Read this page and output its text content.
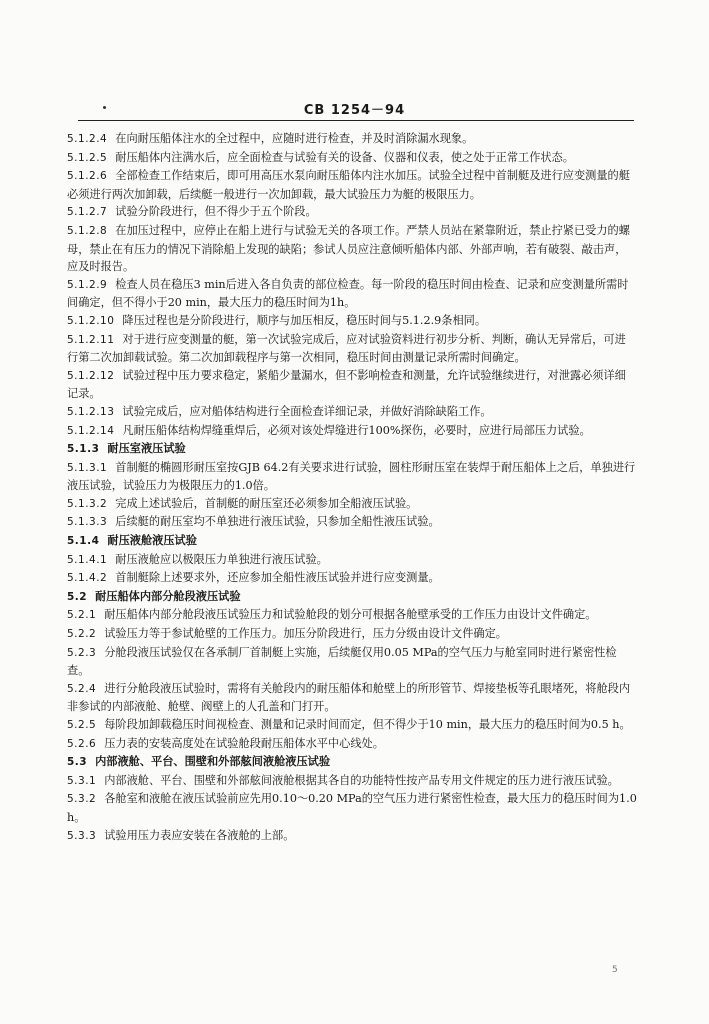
CB 1254－94
5.1.2.4 在向耐压船体注水的全过程中，应随时进行检查，并及时消除漏水现象。
5.1.2.5 耐压船体内注满水后，应全面检查与试验有关的设备、仪器和仪表，使之处于正常工作状态。
5.1.2.6 全部检查工作结束后，即可用高压水泵向耐压船体内注水加压。试验全过程中首制艇及进行应变测量的艇必须进行两次加卸载，后续艇一般进行一次加卸载，最大试验压力为艇的极限压力。
5.1.2.7 试验分阶段进行，但不得少于五个阶段。
5.1.2.8 在加压过程中，应停止在船上进行与试验无关的各项工作。严禁人员站在紧靠附近，禁止拧紧已受力的螺母，禁止在有压力的情况下消除船上发现的缺陷；参试人员应注意倾听船体内部、外部声响，若有破裂、敲击声，应及时报告。
5.1.2.9 检查人员在稳压3 min后进入各自负责的部位检查。每一阶段的稳压时间由检查、记录和应变测量所需时间确定，但不得小于20 min，最大压力的稳压时间为1h。
5.1.2.10 降压过程也是分阶段进行，顺序与加压相反，稳压时间与5.1.2.9条相同。
5.1.2.11 对于进行应变测量的艇，第一次试验完成后，应对试验资料进行初步分析、判断，确认无异常后，可进行第二次加卸载试验。第二次加卸载程序与第一次相同，稳压时间由测量记录所需时间确定。
5.1.2.12 试验过程中压力要求稳定，紧船少量漏水，但不影响检查和测量，允许试验继续进行，对泄露必须详细记录。
5.1.2.13 试验完成后，应对船体结构进行全面检查详细记录，并做好消除缺陷工作。
5.1.2.14 凡耐压船体结构焊缝重焊后，必须对该处焊缝进行100%探伤，必要时，应进行局部压力试验。
5.1.3 耐压室液压试验
5.1.3.1 首制艇的椭圆形耐压室按GJB 64.2有关要求进行试验，圆柱形耐压室在装焊于耐压船体上之后，单独进行液压试验，试验压力为极限压力的1.0倍。
5.1.3.2 完成上述试验后，首制艇的耐压室还必须参加全船液压试验。
5.1.3.3 后续艇的耐压室均不单独进行液压试验，只参加全船性液压试验。
5.1.4 耐压液舱液压试验
5.1.4.1 耐压液舱应以极限压力单独进行液压试验。
5.1.4.2 首制艇除上述要求外，还应参加全船性液压试验并进行应变测量。
5.2 耐压船体内部分舱段液压试验
5.2.1 耐压船体内部分舱段液压试验压力和试验舱段的划分可根据各舱壁承受的工作压力由设计文件确定。
5.2.2 试验压力等于参试舱壁的工作压力。加压分阶段进行，压力分级由设计文件确定。
5.2.3 分舱段液压试验仅在各承制厂首制艇上实施，后续艇仅用0.05 MPa的空气压力与舱室同时进行紧密性检查。
5.2.4 进行分舱段液压试验时，需将有关舱段内的耐压船体和舱壁上的所形管节、焊接垫板等孔眼堵死，将舱段内非参试的内部液舱、舱壁、阀壁上的人孔盖和门打开。
5.2.5 每阶段加卸载稳压时间视检查、测量和记录时间而定，但不得少于10 min，最大压力的稳压时间为0.5 h。
5.2.6 压力表的安装高度处在试验舱段耐压船体水平中心线处。
5.3 内部液舱、平台、围壁和外部舷间液舱液压试验
5.3.1 内部液舱、平台、围壁和外部舷间液舱根据其各自的功能特性按产品专用文件规定的压力进行液压试验。
5.3.2 各舱室和液舱在液压试验前应先用0.10～0.20 MPa的空气压力进行紧密性检查，最大压力的稳压时间为1.0 h。
5.3.3 试验用压力表应安装在各液舱的上部。
5
